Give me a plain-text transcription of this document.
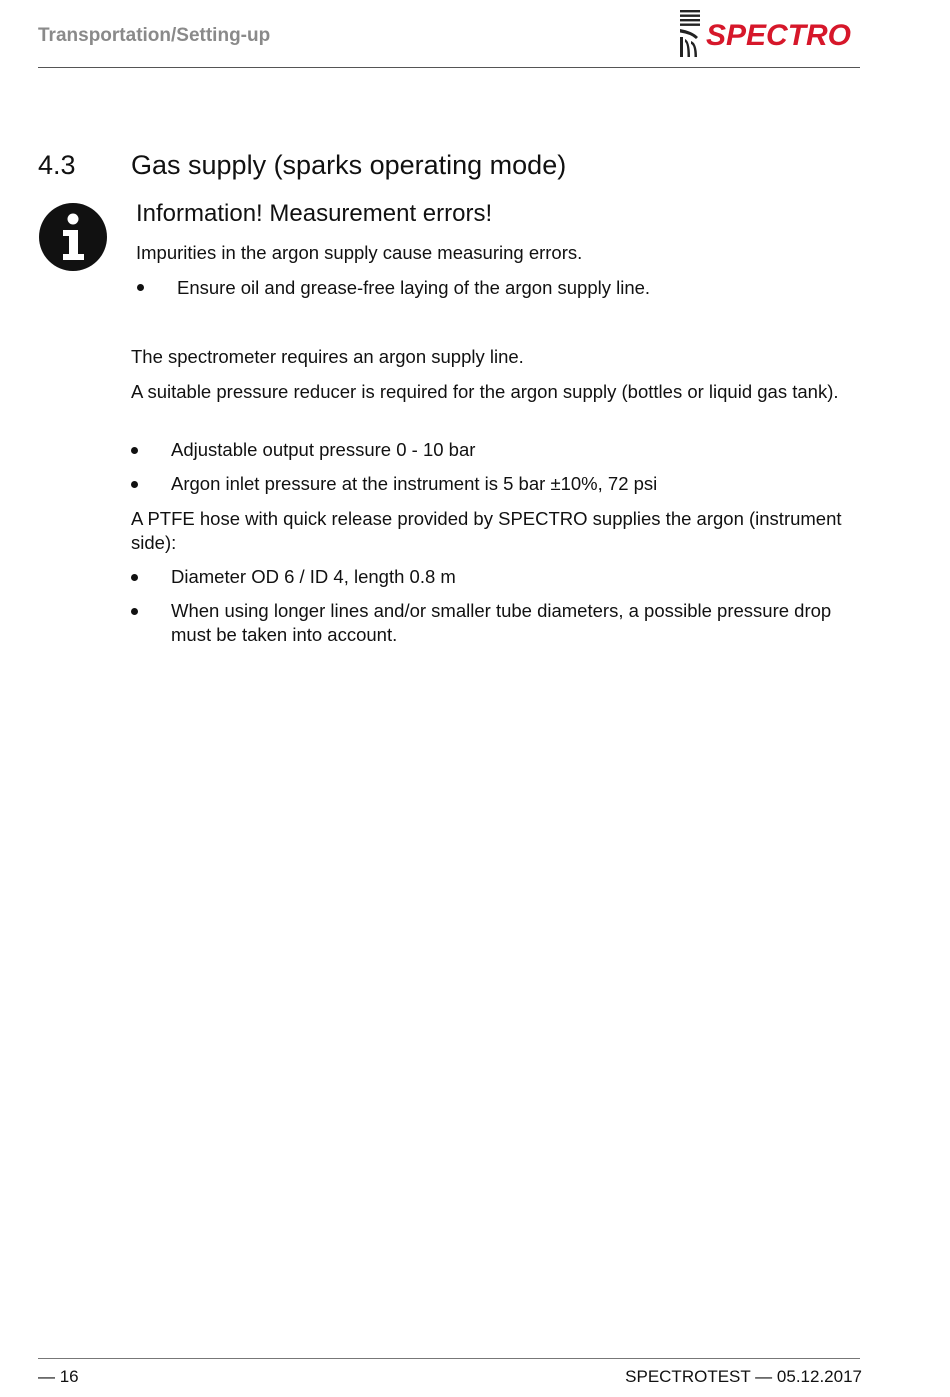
Transportation/Setting-up	SPECTRO
4.3 Gas supply (sparks operating mode)
Information! Measurement errors!
Impurities in the argon supply cause measuring errors.
Ensure oil and grease-free laying of the argon supply line.
The spectrometer requires an argon supply line.
A suitable pressure reducer is required for the argon supply (bottles or liquid gas tank).
Adjustable output pressure 0 - 10 bar
Argon inlet pressure at the instrument is 5 bar ±10%, 72 psi
A PTFE hose with quick release provided by SPECTRO supplies the argon (instrument side):
Diameter OD 6 / ID 4, length 0.8 m
When using longer lines and/or smaller tube diameters, a possible pressure drop must be taken into account.
— 16	SPECTROTEST — 05.12.2017
